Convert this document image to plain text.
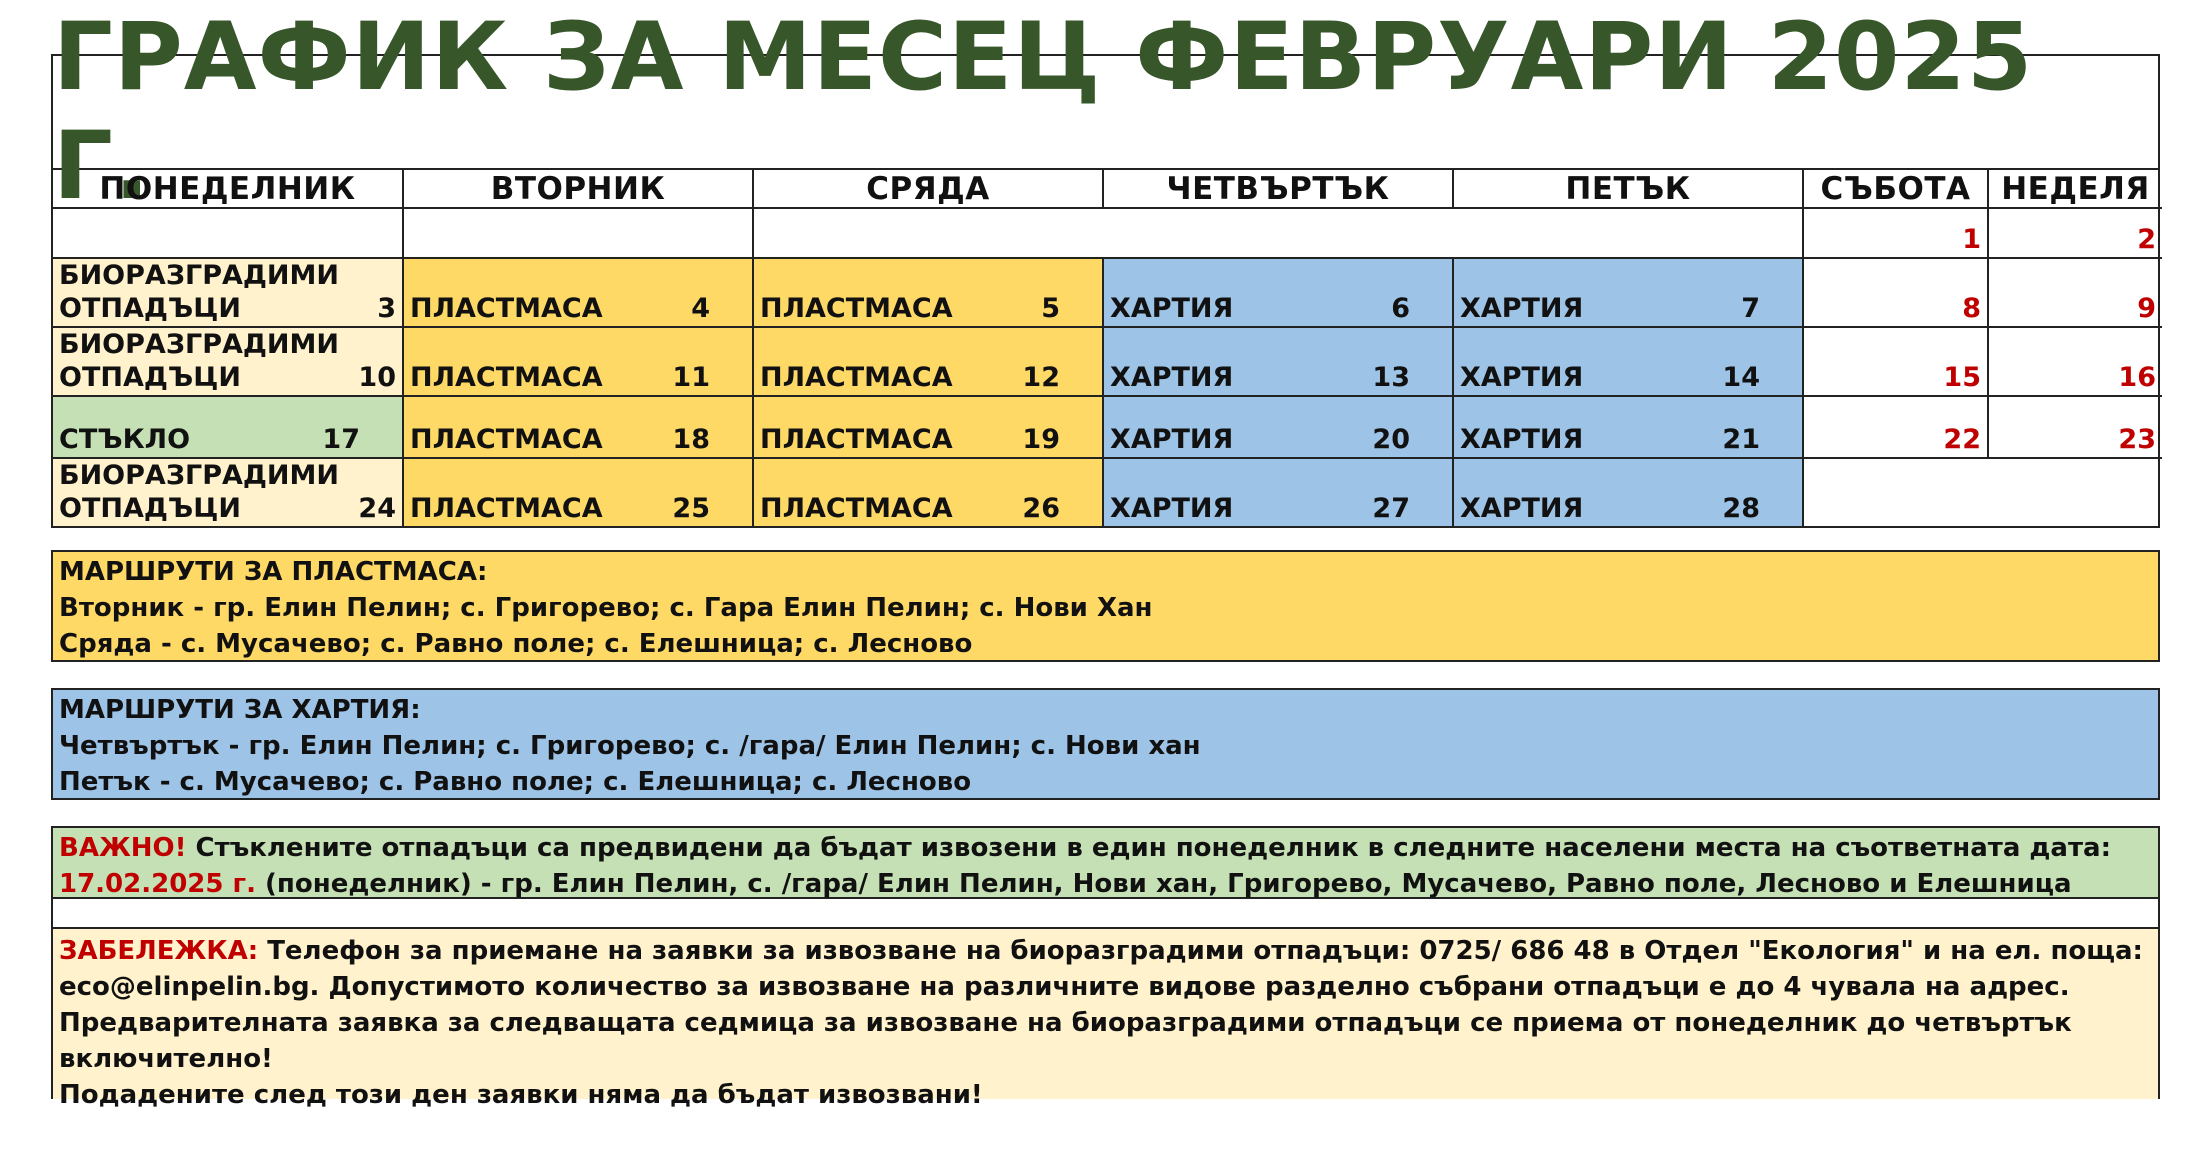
ГРАФИК ЗА МЕСЕЦ ФЕВРУАРИ 2025 Г.
ПОНЕДЕЛНИК	ВТОРНИК	СРЯДА	ЧЕТВЪРТЪК	ПЕТЪК	СЪБОТА	НЕДЕЛЯ

					1	2

БИОРАЗГРАДИМИ
ОТПАДЪЦИ 3	ПЛАСТМАСА 4	ПЛАСТМАСА 5	ХАРТИЯ 6	ХАРТИЯ 7	8	9

БИОРАЗГРАДИМИ
ОТПАДЪЦИ 10	ПЛАСТМАСА 11	ПЛАСТМАСА 12	ХАРТИЯ 13	ХАРТИЯ 14	15	16

СТЪКЛО 17	ПЛАСТМАСА 18	ПЛАСТМАСА 19	ХАРТИЯ 20	ХАРТИЯ 21	22	23

БИОРАЗГРАДИМИ
ОТПАДЪЦИ 24	ПЛАСТМАСА 25	ПЛАСТМАСА 26	ХАРТИЯ 27	ХАРТИЯ 28		

МАРШРУТИ ЗА ПЛАСТМАСА:

Вторник - гр. Елин Пелин; с. Григорево; с. Гара Елин Пелин; с. Нови Хан

Сряда - с. Мусачево; с. Равно поле; с. Елешница; с. Лесново

МАРШРУТИ ЗА ХАРТИЯ:

Четвъртък - гр. Елин Пелин; с. Григорево; с. /гара/ Елин Пелин; с. Нови хан

Петък - с. Мусачево; с. Равно поле; с. Елешница; с. Лесново

ВАЖНО! Стъклените отпадъци са предвидени да бъдат извозени в един понеделник в следните населени места на съответната дата:

17.02.2025 г. (понеделник) - гр. Елин Пелин, с. /гара/ Елин Пелин, Нови хан, Григорево, Мусачево, Равно поле, Лесново и Елешница

ЗАБЕЛЕЖКА: Телефон за приемане на заявки за извозване на биоразградими отпадъци: 0725/ 686 48 в Отдел "Екология" и на ел. поща:

eco@elinpelin.bg. Допустимото количество за извозване на различните видове разделно събрани отпадъци е до 4 чувала на адрес.

Предварителната заявка за следващата седмица за извозване на биоразградими отпадъци се приема от понеделник до четвъртък включително!

Подадените след този ден заявки няма да бъдат извозвани!
